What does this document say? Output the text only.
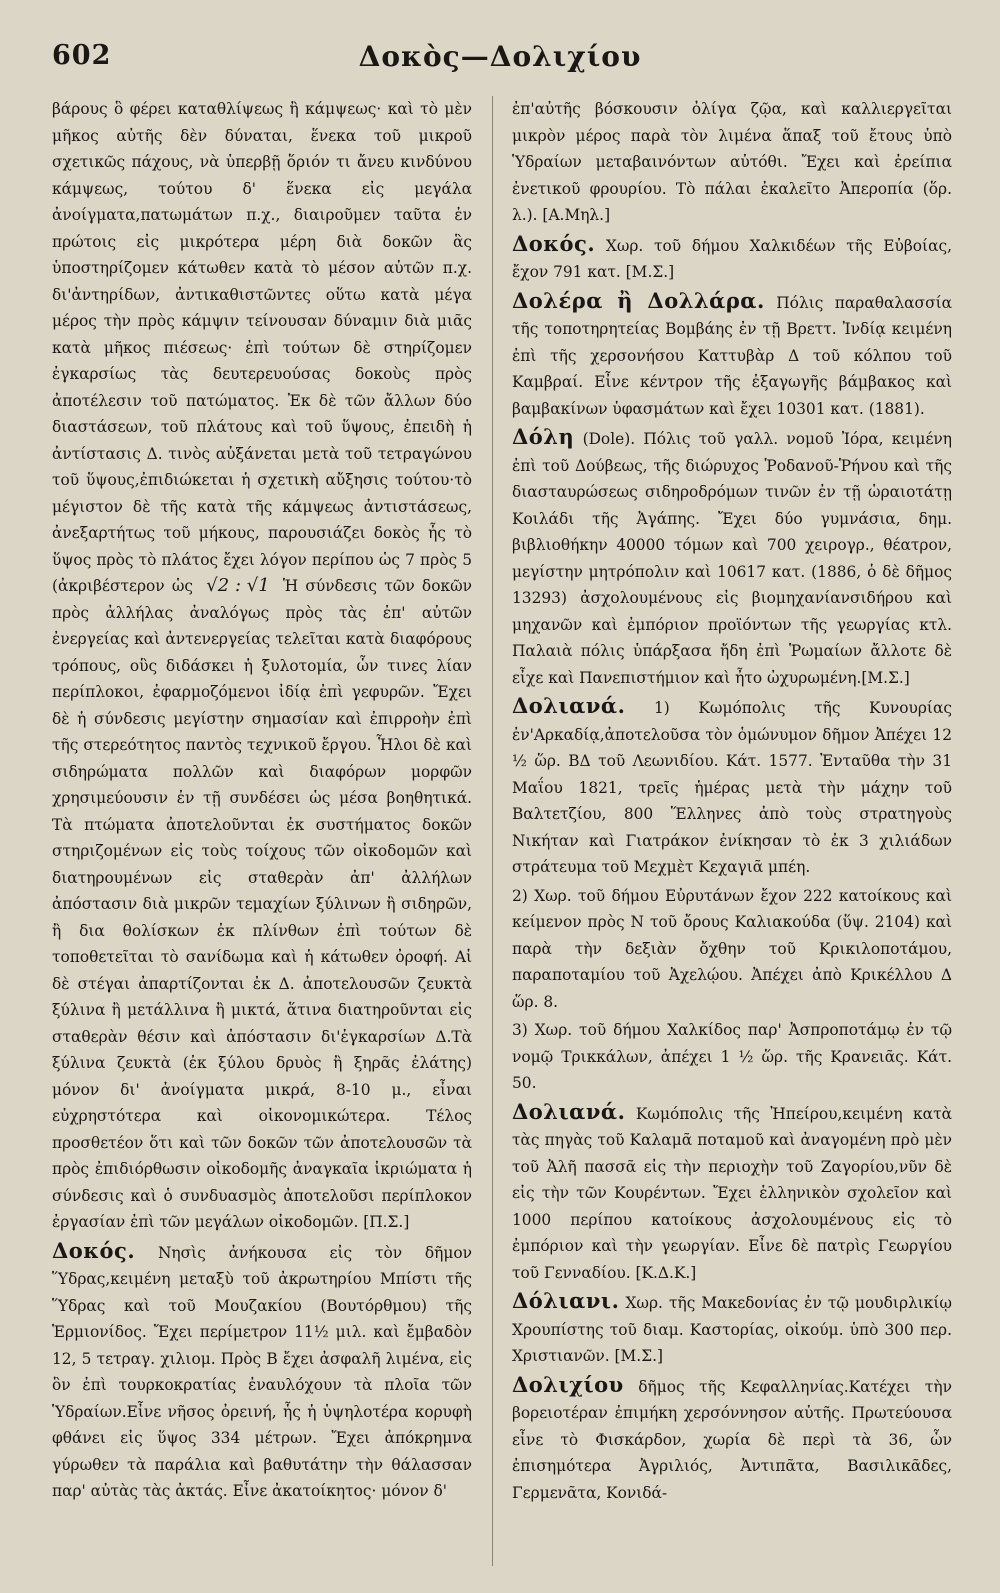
602	Δοκὸς—Δολιχίου

βάρους ὃ φέρει καταθλίψεως ἢ κάμψεως· καὶ τὸ μὲν μῆκος αὐτῆς δὲν δύναται, ἕνεκα τοῦ μικροῦ σχετικῶς πάχους, νὰ ὑπερβῇ ὅριόν τι ἄνευ κινδύνου κάμψεως, τούτου δ' ἕνεκα εἰς μεγάλα ἀνοίγματα,πατωμάτων π.χ., διαιροῦμεν ταῦτα ἐν πρώτοις εἰς μικρότερα μέρη διὰ δοκῶν ἃς ὑποστηρίζομεν κάτωθεν κατὰ τὸ μέσον αὐτῶν π.χ. δι'ἀντηρίδων, ἀντικαθιστῶντες οὕτω κατὰ μέγα μέρος τὴν πρὸς κάμψιν τείνουσαν δύναμιν διὰ μιᾶς κατὰ μῆκος πιέσεως· ἐπὶ τούτων δὲ στηρίζομεν ἐγκαρσίως τὰς δευτερευούσας δοκοὺς πρὸς ἀποτέλεσιν τοῦ πατώματος. Ἐκ δὲ τῶν ἄλλων δύο διαστάσεων, τοῦ πλάτους καὶ τοῦ ὕψους, ἐπειδὴ ἡ ἀντίστασις Δ. τινὸς αὐξάνεται μετὰ τοῦ τετραγώνου τοῦ ὕψους,ἐπιδιώκεται ἡ σχετικὴ αὔξησις τούτου·τὸ μέγιστον δὲ τῆς κατὰ τῆς κάμψεως ἀντιστάσεως, ἀνεξαρτήτως τοῦ μήκους, παρουσιάζει δοκὸς ἧς τὸ ὕψος πρὸς τὸ πλάτος ἔχει λόγον περίπου ὡς 7 πρὸς 5 (ἀκριβέστερον ὡς √2 : √1 Ἡ σύνδεσις τῶν δοκῶν πρὸς ἀλλήλας ἀναλόγως πρὸς τὰς ἐπ' αὐτῶν ἐνεργείας καὶ ἀντενεργείας τελεῖται κατὰ διαφόρους τρόπους, οὓς διδάσκει ἡ ξυλοτομία, ὧν τινες λίαν περίπλοκοι, ἐφαρμοζόμενοι ἰδίᾳ ἐπὶ γεφυρῶν. Ἔχει δὲ ἡ σύνδεσις μεγίστην σημασίαν καὶ ἐπιρροὴν ἐπὶ τῆς στερεότητος παντὸς τεχνικοῦ ἔργου. Ἧλοι δὲ καὶ σιδηρώματα πολλῶν καὶ διαφόρων μορφῶν χρησιμεύουσιν ἐν τῇ συνδέσει ὡς μέσα βοηθητικά. Τὰ πτώματα ἀποτελοῦνται ἐκ συστήματος δοκῶν στηριζομένων εἰς τοὺς τοίχους τῶν οἰκοδομῶν καὶ διατηρουμένων εἰς σταθερὰν ἀπ' ἀλλήλων ἀπόστασιν διὰ μικρῶν τεμαχίων ξύλινων ἢ σιδηρῶν, ἢ δια θολίσκων ἐκ πλίνθων ἐπὶ τούτων δὲ τοποθετεῖται τὸ σανίδωμα καὶ ἡ κάτωθεν ὀροφή. Αἱ δὲ στέγαι ἀπαρτίζονται ἐκ Δ. ἀποτελουσῶν ζευκτὰ ξύλινα ἢ μετάλλινα ἢ μικτά, ἅτινα διατηροῦνται εἰς σταθερὰν θέσιν καὶ ἀπόστασιν δι'ἐγκαρσίων Δ.Τὰ ξύλινα ζευκτὰ (ἐκ ξύλου δρυὸς ἢ ξηρᾶς ἐλάτης) μόνον δι' ἀνοίγματα μικρά, 8-10 μ., εἶναι εὐχρηστότερα καὶ οἰκονομικώτερα. Τέλος προσθετέον ὅτι καὶ τῶν δοκῶν τῶν ἀποτελουσῶν τὰ πρὸς ἐπιδιόρθωσιν οἰκοδομῆς ἀναγκαῖα ἰκριώματα ἡ σύνδεσις καὶ ὁ συνδυασμὸς ἀποτελοῦσι περίπλοκον ἐργασίαν ἐπὶ τῶν μεγάλων οἰκοδομῶν. [Π.Σ.]

Δοκός. Νησὶς ἀνήκουσα εἰς τὸν δῆμον Ὕδρας,κειμένη μεταξὺ τοῦ ἀκρωτηρίου Μπίστι τῆς Ὕδρας καὶ τοῦ Μουζακίου (Βουτόρθμου) τῆς Ἑρμιονίδος. Ἔχει περίμετρον 11½ μιλ. καὶ ἔμβαδὸν 12, 5 τετραγ. χιλιομ. Πρὸς Β ἔχει ἀσφαλῆ λιμένα, εἰς ὃν ἐπὶ τουρκοκρατίας ἐναυλόχουν τὰ πλοῖα τῶν Ὑδραίων.Εἶνε νῆσος ὀρεινή, ἧς ἡ ὑψηλοτέρα κορυφὴ φθάνει εἰς ὕψος 334 μέτρων. Ἔχει ἀπόκρημνα γύρωθεν τὰ παράλια καὶ βαθυτάτην τὴν θάλασσαν παρ' αὐτὰς τὰς ἀκτάς. Εἶνε ἀκατοίκητος· μόνον δ'

ἐπ'αὐτῆς βόσκουσιν ὀλίγα ζῷα, καὶ καλλιεργεῖται μικρὸν μέρος παρὰ τὸν λιμένα ἅπαξ τοῦ ἔτους ὑπὸ Ὑδραίων μεταβαινόντων αὐτόθι. Ἔχει καὶ ἐρείπια ἐνετικοῦ φρουρίου. Τὸ πάλαι ἐκαλεῖτο Ἀπεροπία (ὅρ. λ.). [Α.Μηλ.]

Δοκός. Χωρ. τοῦ δήμου Χαλκιδέων τῆς Εὐβοίας, ἔχον 791 κατ. [Μ.Σ.]

Δολέρα ἢ Δολλάρα. Πόλις παραθαλασσία τῆς τοποτηρητείας Βομβάης ἐν τῇ Βρεττ. Ἰνδίᾳ κειμένη ἐπὶ τῆς χερσονήσου Καττυβὰρ Δ τοῦ κόλπου τοῦ Καμβραί. Εἶνε κέντρον τῆς ἐξαγωγῆς βάμβακος καὶ βαμβακίνων ὑφασμάτων καὶ ἔχει 10301 κατ. (1881).

Δόλη (Dole). Πόλις τοῦ γαλλ. νομοῦ Ἰόρα, κειμένη ἐπὶ τοῦ Δούβεως, τῆς διώρυχος Ῥοδανοῦ-Ῥήνου καὶ τῆς διασταυρώσεως σιδηροδρόμων τινῶν ἐν τῇ ὡραιοτάτῃ Κοιλάδι τῆς Ἀγάπης. Ἔχει δύο γυμνάσια, δημ. βιβλιοθήκην 40000 τόμων καὶ 700 χειρογρ., θέατρον, μεγίστην μητρόπολιν καὶ 10617 κατ. (1886, ὁ δὲ δῆμος 13293) ἀσχολουμένους εἰς βιομηχανίανσιδήρου καὶ μηχανῶν καὶ ἐμπόριον προϊόντων τῆς γεωργίας κτλ. Παλαιὰ πόλις ὑπάρξασα ἤδη ἐπὶ Ῥωμαίων ἄλλοτε δὲ εἶχε καὶ Πανεπιστήμιον καὶ ἦτο ὠχυρωμένη.[Μ.Σ.]

Δολιανά. 1) Κωμόπολις τῆς Κυνουρίας ἐν'Αρκαδίᾳ,ἀποτελοῦσα τὸν ὁμώνυμον δῆμον Ἀπέχει 12 ½ ὥρ. ΒΔ τοῦ Λεωνιδίου. Κάτ. 1577. Ἐνταῦθα τὴν 31 Μαΐου 1821, τρεῖς ἡμέρας μετὰ τὴν μάχην τοῦ Βαλτετζίου, 800 Ἕλληνες ἀπὸ τοὺς στρατηγοὺς Νικήταν καὶ Γιατράκον ἐνίκησαν τὸ ἐκ 3 χιλιάδων στράτευμα τοῦ Μεχμὲτ Κεχαγιᾶ μπέη.

2) Χωρ. τοῦ δήμου Εὐρυτάνων ἔχον 222 κατοίκους καὶ κείμενον πρὸς Ν τοῦ ὄρους Καλιακούδα (ὕψ. 2104) καὶ παρὰ τὴν δεξιὰν ὄχθην τοῦ Κρικιλοποτάμου, παραποταμίου τοῦ Ἀχελῴου. Ἀπέχει ἀπὸ Κρικέλλου Δ ὥρ. 8.

3) Χωρ. τοῦ δήμου Χαλκίδος παρ' Ἀσπροποτάμῳ ἐν τῷ νομῷ Τρικκάλων, ἀπέχει 1 ½ ὥρ. τῆς Κρανειᾶς. Κάτ. 50.

Δολιανά. Κωμόπολις τῆς Ἠπείρου,κειμένη κατὰ τὰς πηγὰς τοῦ Καλαμᾶ ποταμοῦ καὶ ἀναγομένη πρὸ μὲν τοῦ Ἀλῆ πασσᾶ εἰς τὴν περιοχὴν τοῦ Ζαγορίου,νῦν δὲ εἰς τὴν τῶν Κουρέντων. Ἔχει ἑλληνικὸν σχολεῖον καὶ 1000 περίπου κατοίκους ἀσχολουμένους εἰς τὸ ἐμπόριον καὶ τὴν γεωργίαν. Εἶνε δὲ πατρὶς Γεωργίου τοῦ Γενναδίου. [Κ.Δ.Κ.]

Δόλιανι. Χωρ. τῆς Μακεδονίας ἐν τῷ μουδιρλικίῳ Χρουπίστης τοῦ διαμ. Καστορίας, οἰκούμ. ὑπὸ 300 περ. Χριστιανῶν. [Μ.Σ.]

Δολιχίου δῆμος τῆς Κεφαλληνίας.Κατέχει τὴν βορειοτέραν ἐπιμήκη χερσόννησον αὐτῆς. Πρωτεύουσα εἶνε τὸ Φισκάρδον, χωρία δὲ περὶ τὰ 36, ὧν ἐπισημότερα Ἀγριλιός, Ἀντιπᾶτα, Βασιλικᾶδες, Γερμενᾶτα, Κονιδά-
